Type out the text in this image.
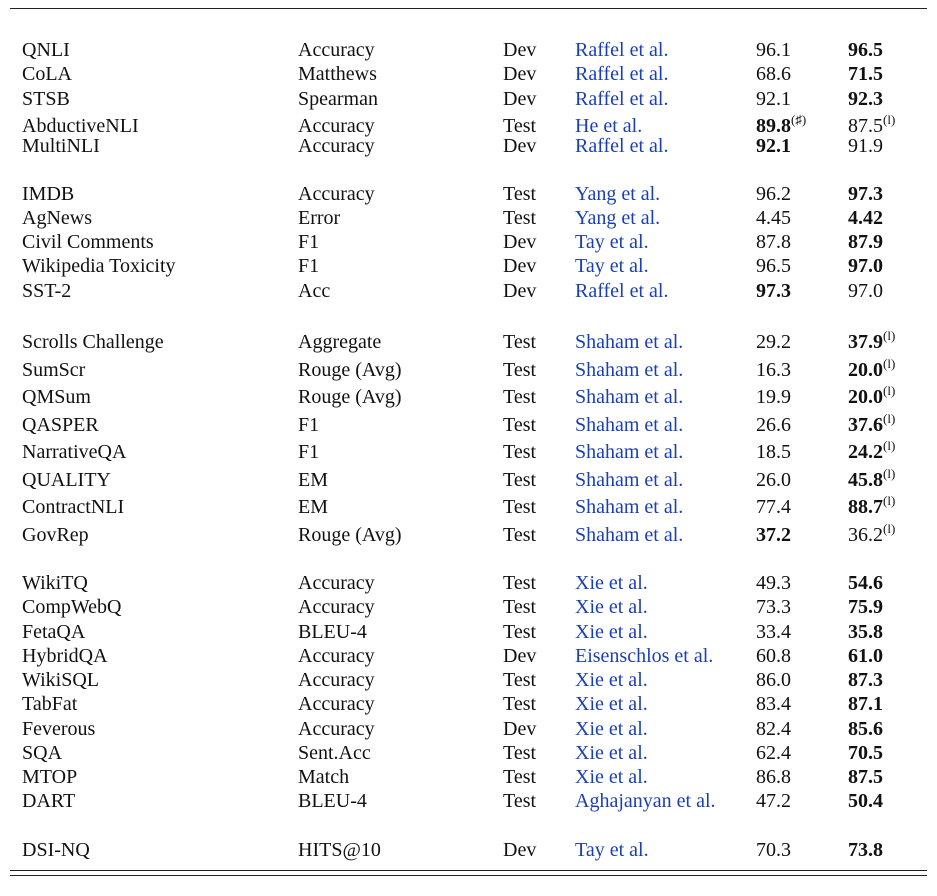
QNLI	Accuracy	Dev Raffel et al.	96.1	96.5
CoLA	Matthews	Dev Raffel et al.	68.6	71.5
STSB	Spearman	Dev Raffel et al.	92.1	92.3
AbductiveNLI	Accuracy	Test He et al.	89.8(♯) 87.5$^{(l)}$
MultiNLI	Accuracy	Dev Raffel et al.	92.1	91.9
IMDB	Accuracy	Test Yang et al.	96.2	97.3
AgNews	Error	Test Yang et al.	4.45	4.42
Civil Comments	F1	Dev Tay et al.	87.8	87.9
Wikipedia Toxicity	F1	Dev Tay et al.	96.5	97.0
SST-2	Acc	Dev Raffel et al.	97.3	97.0
Scrolls Challenge	Aggregate	Test Shaham et al.	29.2	37.9$^{(l)}$
SumScr	Rouge (Avg)	Test Shaham et al.	16.3	20.0$^{(l)}$
QMSum	Rouge (Avg)	Test Shaham et al.	19.9	20.0$^{(l)}$
QASPER	F1	Test Shaham et al.	26.6	37.6$^{(l)}$
NarrativeQA	F1	Test Shaham et al.	18.5	24.2$^{(l)}$
QUALITY	EM	Test Shaham et al.	26.0	45.8$^{(l)}$
ContractNLI	EM	Test Shaham et al.	77.4	88.7$^{(l)}$
GovRep	Rouge (Avg)	Test Shaham et al.	37.2	36.2$^{(l)}$
WikiTQ	Accuracy	Test Xie et al.	49.3	54.6
CompWebQ	Accuracy	Test Xie et al.	73.3	75.9
FetaQA	BLEU-4	Test Xie et al.	33.4	35.8
HybridQA	Accuracy	Dev Eisenschlos et al. 60.8	61.0
WikiSQL	Accuracy	Test Xie et al.	86.0	87.3
TabFat	Accuracy	Test Xie et al.	83.4	87.1
Feverous	Accuracy	Dev Xie et al.	82.4	85.6
SQA	Sent.Acc	Test Xie et al.	62.4	70.5
MTOP	Match	Test Xie et al.	86.8	87.5
DART	BLEU-4	Test Aghajanyan et al. 47.2	50.4
DSI-NQ	HITS@10	Dev Tay et al.	70.3	73.8
